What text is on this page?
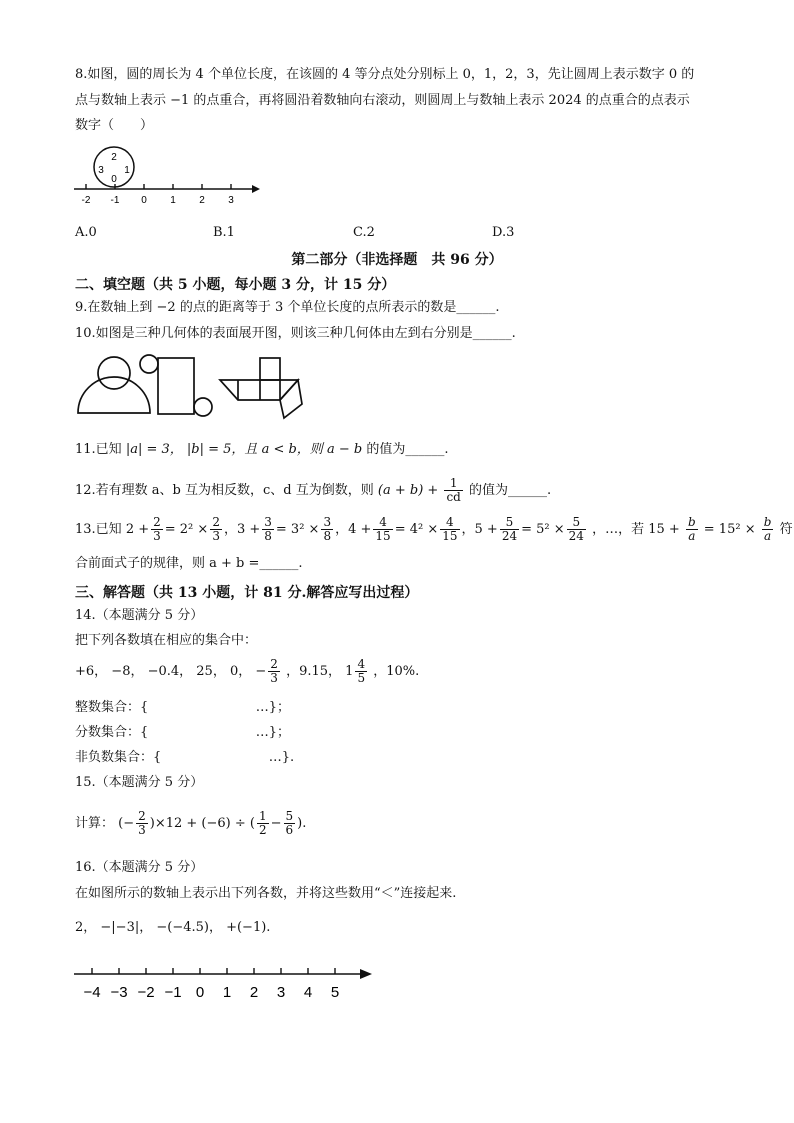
8.如图，圆的周长为 4 个单位长度，在该圆的 4 等分点处分别标上 0，1，2，3，先让圆周上表示数字 0 的
点与数轴上表示 −1 的点重合，再将圆沿着数轴向右滚动，则圆周上与数轴上表示 2024 的点重合的点表示
数字（　　）
2
3
0
1
-2 -1 0 1 2 3
A.0	B.1	C.2	D.3
第二部分（非选择题　共 96 分）
二、填空题（共 5 小题，每小题 3 分，计 15 分）
9.在数轴上到 −2 的点的距离等于 3 个单位长度的点所表示的数是______.
10.如图是三种几何体的表面展开图，则该三种几何体由左到右分别是______.
11.已知 |a| = 3， |b| = 5，且 a < b，则 a − b 的值为______.
12.若有理数 a、b 互为相反数，c、d 互为倒数，则 $(a + b) + \frac{1}{cd}$ 的值为______.
13.已知 $2 + \frac{2}{3} = 2^2 \times \frac{2}{3}$ ，$3 + \frac{3}{8} = 3^2 \times \frac{3}{8}$ ，$4 + \frac{4}{15} = 4^2 \times \frac{4}{15}$ ，$5 + \frac{5}{24} = 5^2 \times \frac{5}{24}$ ，…，若 $15 + \frac{b}{a} = 15^2 \times \frac{b}{a}$ 符
合前面式子的规律，则 a + b =______.
三、解答题（共 13 小题，计 81 分.解答应写出过程）
14.（本题满分 5 分）
把下列各数填在相应的集合中：
+6， −8， −0.4， 25， 0， − $\frac{2}{3}$ ，9.15， $1 \frac{4}{5}$ ，10%.
整数集合：{                          …}；
分数集合：{                          …}；
非负数集合：{                          …}.
15.（本题满分 5 分）
计算： (− $\frac{2}{3} )\times 12 + (-6)$ ÷ ( $\frac{1}{2} - \frac{5}{6}$ ).
16.（本题满分 5 分）
在如图所示的数轴上表示出下列各数，并将这些数用“＜”连接起来.
2， −|−3|， −(−4.5)， +(−1).
−4 −3 −2 −1 0 1 2 3 4 5
